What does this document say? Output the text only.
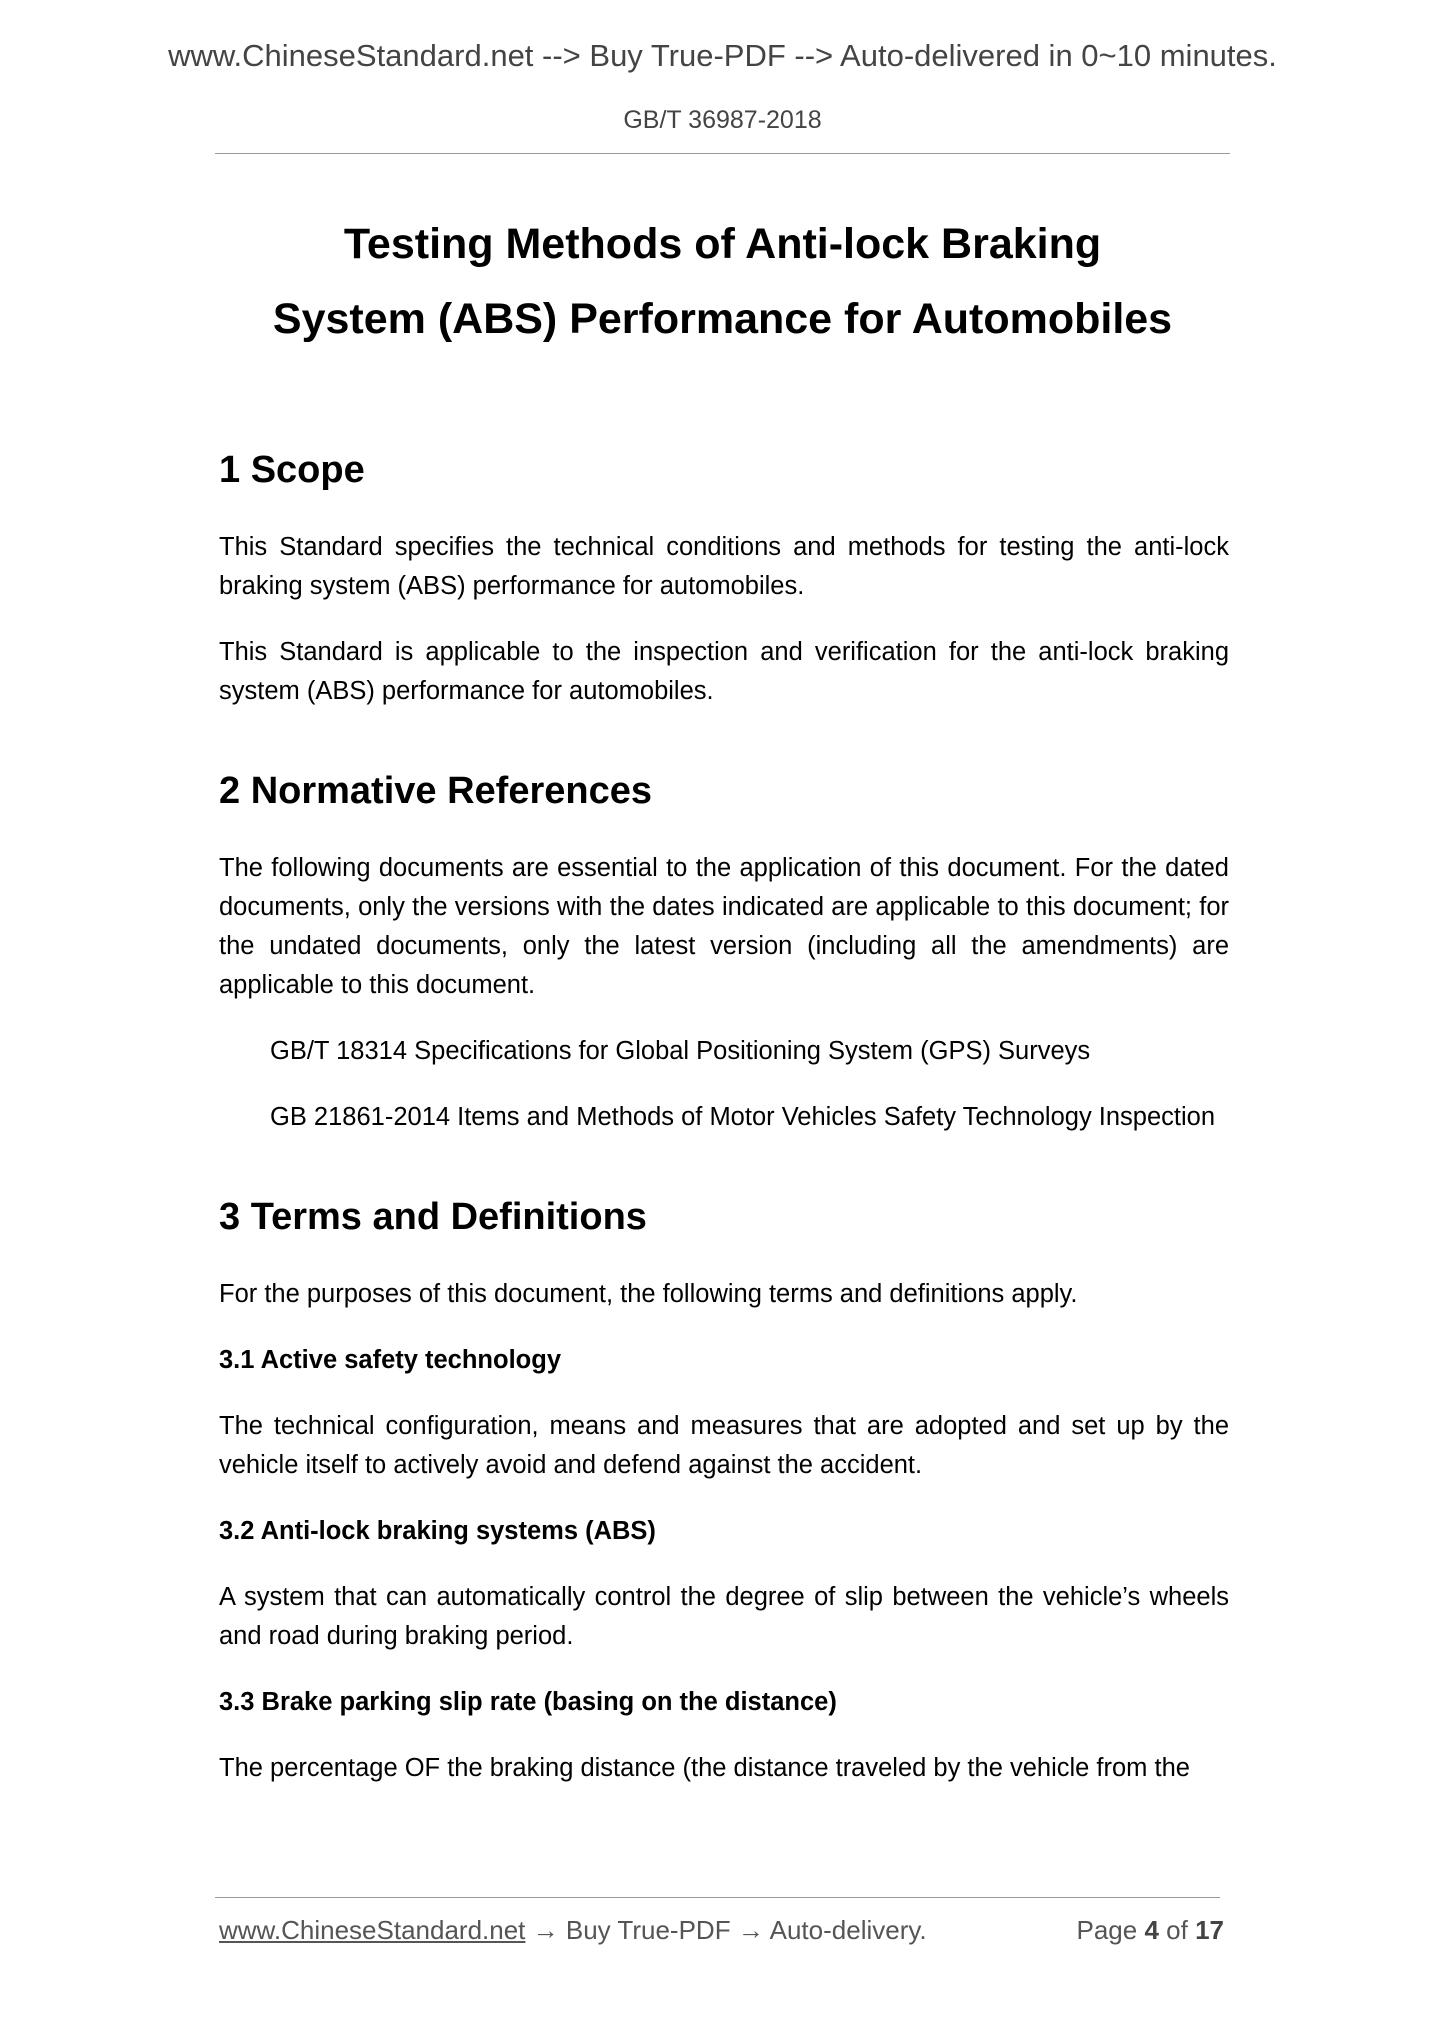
www.ChineseStandard.net --> Buy True-PDF --> Auto-delivered in 0~10 minutes.
GB/T 36987-2018
Testing Methods of Anti-lock Braking
System (ABS) Performance for Automobiles
1 Scope

This Standard specifies the technical conditions and methods for testing the anti-lock braking system (ABS) performance for automobiles.

This Standard is applicable to the inspection and verification for the anti-lock braking system (ABS) performance for automobiles.

2 Normative References

The following documents are essential to the application of this document. For the dated documents, only the versions with the dates indicated are applicable to this document; for the undated documents, only the latest version (including all the amendments) are applicable to this document.

GB/T 18314 Specifications for Global Positioning System (GPS) Surveys

GB 21861-2014 Items and Methods of Motor Vehicles Safety Technology Inspection

3 Terms and Definitions

For the purposes of this document, the following terms and definitions apply.

3.1 Active safety technology

The technical configuration, means and measures that are adopted and set up by the vehicle itself to actively avoid and defend against the accident.

3.2 Anti-lock braking systems (ABS)

A system that can automatically control the degree of slip between the vehicle’s wheels and road during braking period.

3.3 Brake parking slip rate (basing on the distance)

The percentage OF the braking distance (the distance traveled by the vehicle from the

www.ChineseStandard.net → Buy True-PDF → Auto-delivery.	Page 4 of 17
